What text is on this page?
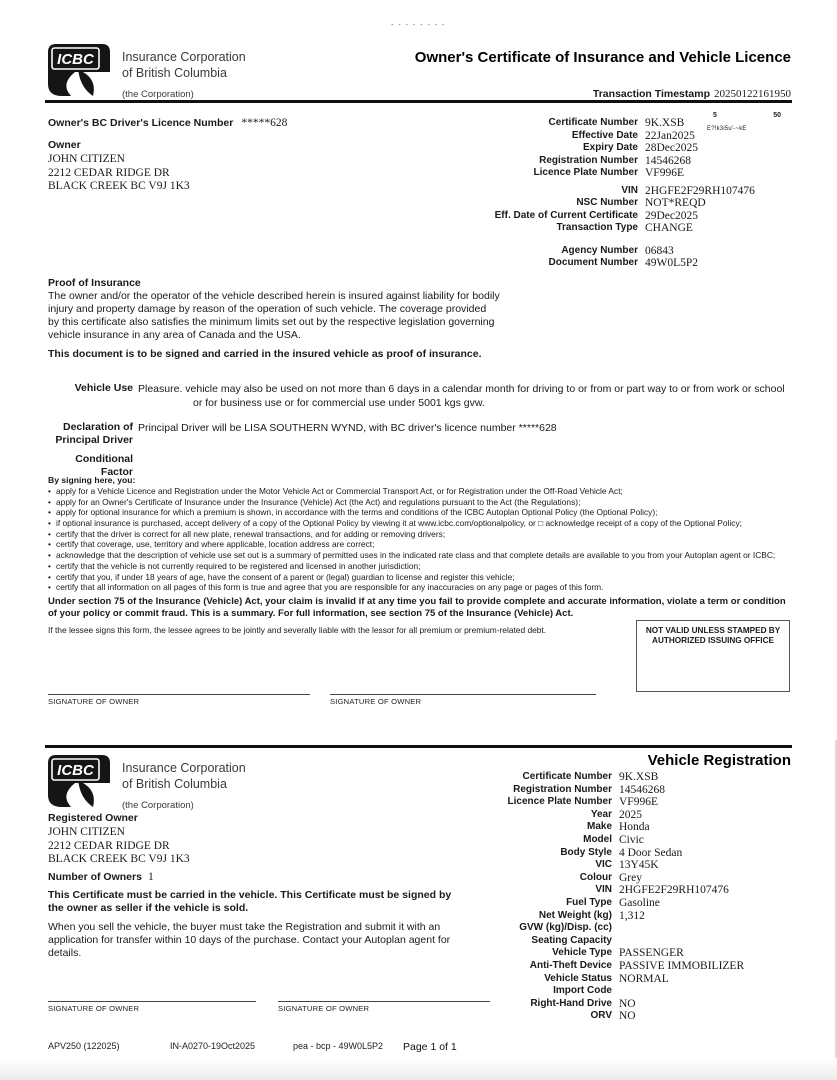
- - - - - - - -
ICBC Insurance Corporation
of British Columbia
(the Corporation)
Owner's Certificate of Insurance and Vehicle Licence
Transaction Timestamp 20250122161950
Owner's BC Driver's Licence Number *****628
Owner
JOHN CITIZEN
2212 CEDAR RIDGE DR
BLACK CREEK BC V9J 1K3
5	50
E?!k3i5u'-~kE
Certificate Number 9K.XSB
Effective Date 22Jan2025
Expiry Date 28Dec2025
Registration Number 14546268
Licence Plate Number VF996E
VIN 2HGFE2F29RH107476
NSC Number NOT*REQD
Eff. Date of Current Certificate 29Dec2025
Transaction Type CHANGE
Agency Number 06843
Document Number 49W0L5P2
Proof of Insurance
The owner and/or the operator of the vehicle described herein is insured against liability for bodily injury and property damage by reason of the operation of such vehicle. The coverage provided by this certificate also satisfies the minimum limits set out by the respective legislation governing vehicle insurance in any area of Canada and the USA.
This document is to be signed and carried in the insured vehicle as proof of insurance.
Vehicle Use Pleasure. vehicle may also be used on not more than 6 days in a calendar month for driving to or from or part way to or from work or school or for business use or for commercial use under 5001 kgs gvw.
Declaration of Principal Driver
Principal Driver will be LISA SOUTHERN WYND, with BC driver's licence number *****628
Conditional Factor
By signing here, you:
• apply for a Vehicle Licence and Registration under the Motor Vehicle Act or Commercial Transport Act, or for Registration under the Off-Road Vehicle Act;
• apply for an Owner's Certificate of Insurance under the Insurance (Vehicle) Act (the Act) and regulations pursuant to the Act (the Regulations);
• apply for optional insurance for which a premium is shown, in accordance with the terms and conditions of the ICBC Autoplan Optional Policy (the Optional Policy);
• if optional insurance is purchased, accept delivery of a copy of the Optional Policy by viewing it at www.icbc.com/optionalpolicy, or □ acknowledge receipt of a copy of the Optional Policy;
• certify that the driver is correct for all new plate, renewal transactions, and for adding or removing drivers;
• certify that coverage, use, territory and where applicable, location address are correct;
• acknowledge that the description of vehicle use set out is a summary of permitted uses in the indicated rate class and that complete details are available to you from your Autoplan agent or ICBC;
• certify that the vehicle is not currently required to be registered and licensed in another jurisdiction;
• certify that you, if under 18 years of age, have the consent of a parent or (legal) guardian to license and register this vehicle;
• certify that all information on all pages of this form is true and agree that you are responsible for any inaccuracies on any page or pages of this form.
Under section 75 of the Insurance (Vehicle) Act, your claim is invalid if at any time you fail to provide complete and accurate information, violate a term or condition of your policy or commit fraud. This is a summary. For full information, see section 75 of the Insurance (Vehicle) Act.
If the lessee signs this form, the lessee agrees to be jointly and severally liable with the lessor for all premium or premium-related debt.	NOT VALID UNLESS STAMPED BY
AUTHORIZED ISSUING OFFICE
SIGNATURE OF OWNER	SIGNATURE OF OWNER
ICBC Insurance Corporation
of British Columbia
(the Corporation)
Vehicle Registration
Certificate Number 9K.XSB
Registration Number 14546268
Licence Plate Number VF996E
Year 2025
Make Honda
Model Civic
Body Style 4 Door Sedan
VIC 13Y45K
Colour Grey
VIN 2HGFE2F29RH107476
Fuel Type Gasoline
Net Weight (kg) 1,312
GVW (kg)/Disp. (cc)
Seating Capacity
Vehicle Type PASSENGER
Anti-Theft Device PASSIVE IMMOBILIZER
Vehicle Status NORMAL
Import Code
Right-Hand Drive NO
ORV NO
Registered Owner
JOHN CITIZEN
2212 CEDAR RIDGE DR
BLACK CREEK BC V9J 1K3
Number of Owners 1
This Certificate must be carried in the vehicle. This Certificate must be signed by the owner as seller if the vehicle is sold.
When you sell the vehicle, the buyer must take the Registration and submit it with an application for transfer within 10 days of the purchase. Contact your Autoplan agent for details.
SIGNATURE OF OWNER	SIGNATURE OF OWNER
APV250 (122025)	IN-A0270-19Oct2025	pea - bcp - 49W0L5P2 Page 1 of 1
